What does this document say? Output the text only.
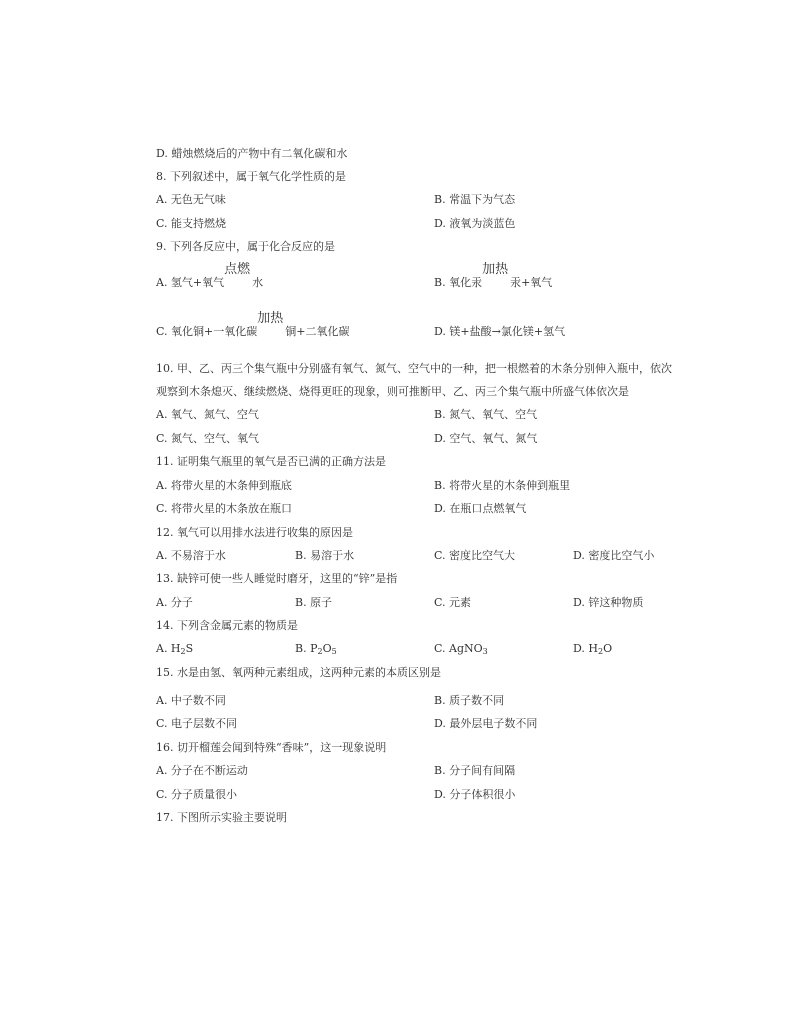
D. 蜡烛燃烧后的产物中有二氧化碳和水
8. 下列叙述中，属于氧气化学性质的是
A. 无色无气味	B. 常温下为气态
C. 能支持燃烧	D. 液氧为淡蓝色
9. 下列各反应中，属于化合反应的是
A. 氢气+氧气
点燃
水	B. 氧化汞
加热
汞+氧气
C. 氧化铜+一氧化碳
加热
铜+二氧化碳	D. 镁+盐酸→氯化镁+氢气
10. 甲、乙、丙三个集气瓶中分别盛有氧气、氮气、空气中的一种，把一根燃着的木条分别伸入瓶中，依次
观察到木条熄灭、继续燃烧、烧得更旺的现象，则可推断甲、乙、丙三个集气瓶中所盛气体依次是
A. 氧气、氮气、空气	B. 氮气、氧气、空气
C. 氮气、空气、氧气	D. 空气、氧气、氮气
11. 证明集气瓶里的氧气是否已满的正确方法是
A. 将带火星的木条伸到瓶底	B. 将带火星的木条伸到瓶里
C. 将带火星的木条放在瓶口	D. 在瓶口点燃氧气
12. 氧气可以用排水法进行收集的原因是
A. 不易溶于水	B. 易溶于水	C. 密度比空气大	D. 密度比空气小
13. 缺锌可使一些人睡觉时磨牙，这里的“锌”是指
A. 分子	B. 原子	C. 元素	D. 锌这种物质
14. 下列含金属元素的物质是
A. $H_2S$	B. $P_2O_5$	C. AgNO$_3$	D. $H_2O$
15. 水是由氢、氧两种元素组成，这两种元素的本质区别是
A. 中子数不同	B. 质子数不同
C. 电子层数不同	D. 最外层电子数不同
16. 切开榴莲会闻到特殊“香味”，这一现象说明
A. 分子在不断运动	B. 分子间有间隔
C. 分子质量很小	D. 分子体积很小
17. 下图所示实验主要说明
